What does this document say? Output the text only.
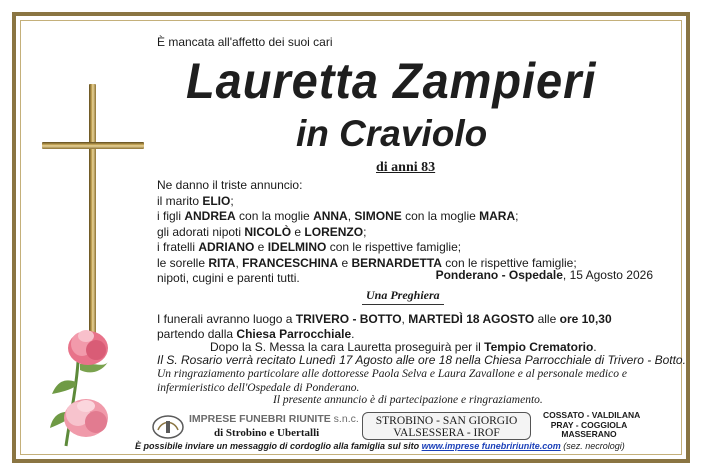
È mancata all'affetto dei suoi cari
Lauretta Zampieri
in Craviolo
di anni 83
Ne danno il triste annuncio:
il marito ELIO;
i figli ANDREA con la moglie ANNA, SIMONE con la moglie MARA;
gli adorati nipoti NICOLÒ e LORENZO;
i fratelli ADRIANO e IDELMINO con le rispettive famiglie;
le sorelle RITA, FRANCESCHINA e BERNARDETTA con le rispettive famiglie;
nipoti, cugini e parenti tutti.	Ponderano - Ospedale, 15 Agosto 2026
Una Preghiera
I funerali avranno luogo a TRIVERO - BOTTO, MARTEDÌ 18 AGOSTO alle ore 10,30 partendo dalla Chiesa Parrocchiale.
Dopo la S. Messa la cara Lauretta proseguirà per il Tempio Crematorio.
Il S. Rosario verrà recitato Lunedì 17 Agosto alle ore 18 nella Chiesa Parrocchiale di Trivero - Botto.
Un ringraziamento particolare alle dottoresse Paola Selva e Laura Zavallone e al personale medico e infermieristico dell'Ospedale di Ponderano.
Il presente annuncio è di partecipazione e ringraziamento.
IMPRESE FUNEBRI RIUNITE s.n.c.
di Strobino e Ubertalli
STROBINO - SAN GIORGIO
VALSESSERA - IROF
COSSATO - VALDILANA
PRAY - COGGIOLA
MASSERANO
È possibile inviare un messaggio di cordoglio alla famiglia sul sito www.imprese funebririunite.com (sez. necrologi)
